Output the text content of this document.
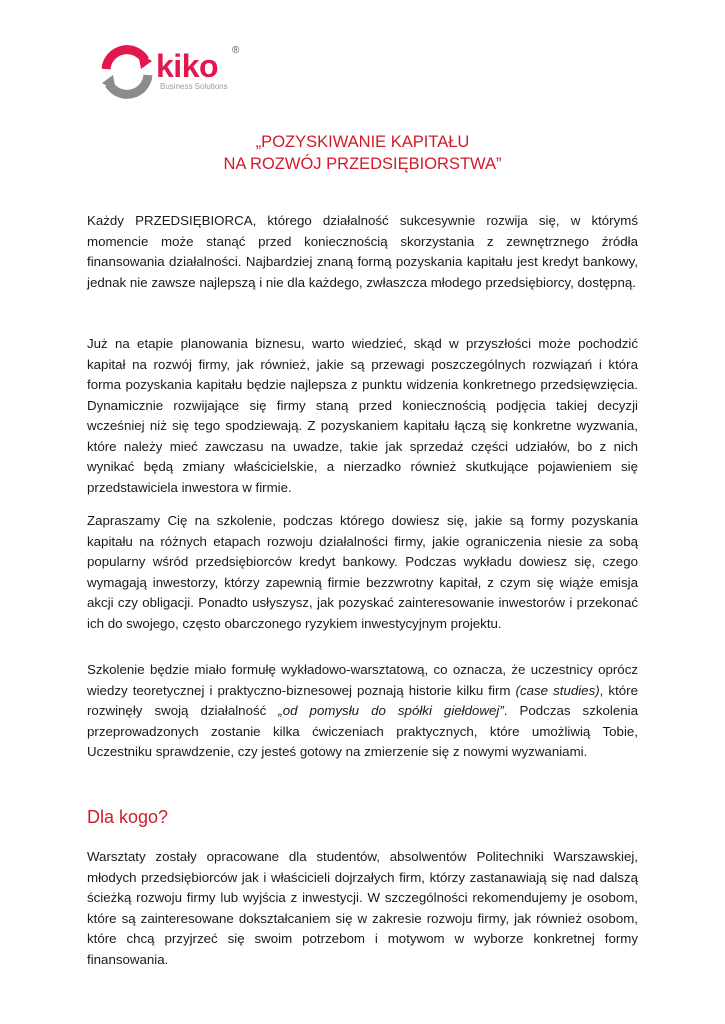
kiko ®
Business Solutions
„POZYSKIWANIE KAPITAŁU
NA ROZWÓJ PRZEDSIĘBIORSTWA”

Każdy PRZEDSIĘBIORCA, którego działalność sukcesywnie rozwija się, w którymś momencie może stanąć przed koniecznością skorzystania z zewnętrznego źródła finansowania działalności. Najbardziej znaną formą pozyskania kapitału jest kredyt bankowy, jednak nie zawsze najlepszą i nie dla każdego, zwłaszcza młodego przedsiębiorcy, dostępną.

Już na etapie planowania biznesu, warto wiedzieć, skąd w przyszłości może pochodzić kapitał na rozwój firmy, jak również, jakie są przewagi poszczególnych rozwiązań i która forma pozyskania kapitału będzie najlepsza z punktu widzenia konkretnego przedsięwzięcia. Dynamicznie rozwijające się firmy staną przed koniecznością podjęcia takiej decyzji wcześniej niż się tego spodziewają. Z pozyskaniem kapitału łączą się konkretne wyzwania, które należy mieć zawczasu na uwadze, takie jak sprzedaż części udziałów, bo z nich wynikać będą zmiany właścicielskie, a nierzadko również skutkujące pojawieniem się przedstawiciela inwestora w firmie.

Zapraszamy Cię na szkolenie, podczas którego dowiesz się, jakie są formy pozyskania kapitału na różnych etapach rozwoju działalności firmy, jakie ograniczenia niesie za sobą popularny wśród przedsiębiorców kredyt bankowy. Podczas wykładu dowiesz się, czego wymagają inwestorzy, którzy zapewnią firmie bezzwrotny kapitał, z czym się wiąże emisja akcji czy obligacji. Ponadto usłyszysz, jak pozyskać zainteresowanie inwestorów i przekonać ich do swojego, często obarczonego ryzykiem inwestycyjnym projektu.

Szkolenie będzie miało formułę wykładowo-warsztatową, co oznacza, że uczestnicy oprócz wiedzy teoretycznej i praktyczno-biznesowej poznają historie kilku firm (case studies), które rozwinęły swoją działalność „od pomysłu do spółki giełdowej”. Podczas szkolenia przeprowadzonych zostanie kilka ćwiczeniach praktycznych, które umożliwią Tobie, Uczestniku sprawdzenie, czy jesteś gotowy na zmierzenie się z nowymi wyzwaniami.

Dla kogo?

Warsztaty zostały opracowane dla studentów, absolwentów Politechniki Warszawskiej, młodych przedsiębiorców jak i właścicieli dojrzałych firm, którzy zastanawiają się nad dalszą ścieżką rozwoju firmy lub wyjścia z inwestycji. W szczególności rekomendujemy je osobom, które są zainteresowane dokształcaniem się w zakresie rozwoju firmy, jak również osobom, które chcą przyjrzeć się swoim potrzebom i motywom w wyborze konkretnej formy finansowania.
